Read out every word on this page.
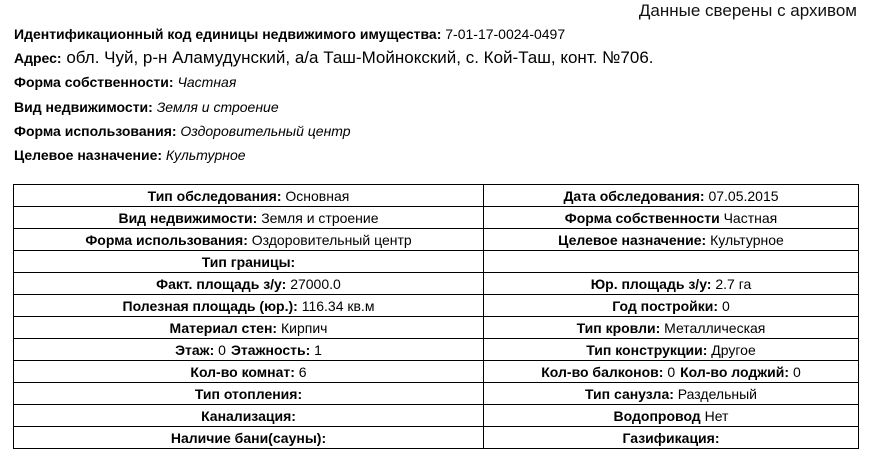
Данные сверены с архивом
Идентификационный код единицы недвижимого имущества: 7-01-17-0024-0497
Адрес: обл. Чуй, р-н Аламудунский, а/а Таш-Мойнокский, с. Кой-Таш, конт. №706.
Форма собственности: Частная
Вид недвижимости: Земля и строение
Форма использования: Оздоровительный центр
Целевое назначение: Культурное
Тип обследования: Основная	Дата обследования: 07.05.2015
Вид недвижимости: Земля и строение	Форма собственности Частная
Форма использования: Оздоровительный центр	Целевое назначение: Культурное
Тип границы:	
Факт. площадь з/у: 27000.0	Юр. площадь з/у: 2.7 га
Полезная площадь (юр.): 116.34 кв.м	Год постройки: 0
Материал стен: Кирпич	Тип кровли: Металлическая
Этаж: 0 Этажность: 1	Тип конструкции: Другое
Кол-во комнат: 6	Кол-во балконов: 0 Кол-во лоджий: 0
Тип отопления:	Тип санузла: Раздельный
Канализация:	Водопровод Нет
Наличие бани(сауны):	Газификация:
